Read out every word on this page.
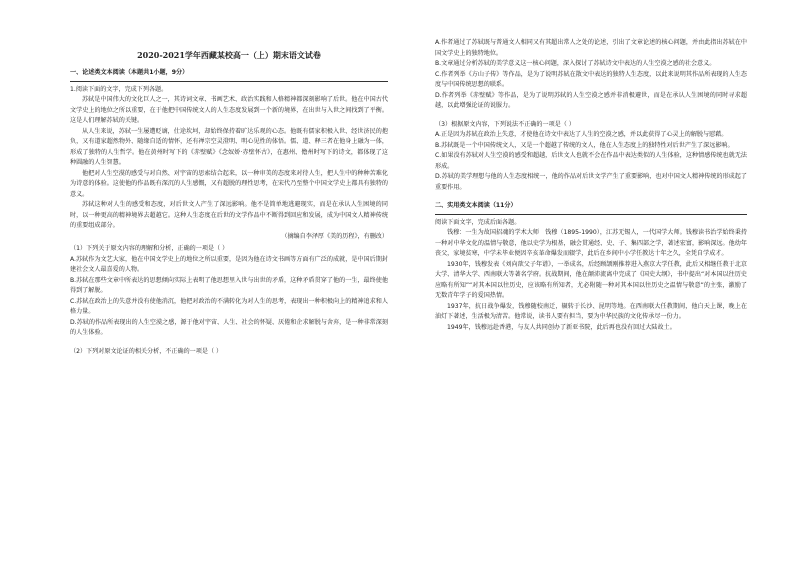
2020-2021学年西藏某校高一（上）期末语文试卷
一、论述类文本阅读（本题共1小题，9分）

1.阅读下面的文字，完成下列各题。

苏轼是中国伟大的文化巨人之一，其诗词文章、书画艺术、政治实践和人格精神都深刻影响了后世。他在中国古代文学史上的地位之所以重要，在于他把中国传统文人的人生态度发展到一个新的境界，在出世与入世之间找到了平衡。这是人们理解苏轼的关键。

从人生来说，苏轼一生屡遭贬谪，仕途坎坷，却始终保持着旷达乐观的心态。他既有儒家积极入世、经世济民的抱负，又有道家超然物外、随缘自适的情怀，还有禅宗空灵澄明、明心见性的体悟。儒、道、释三者在他身上融为一体，形成了独特的人生哲学。他在黄州时写下的《赤壁赋》《念奴娇·赤壁怀古》，在惠州、儋州时写下的诗文，都体现了这种圆融的人生智慧。

他把对人生空漠的感受与对自然、对宇宙的思索结合起来，以一种审美的态度来对待人生，把人生中的种种苦难化为诗意的体验。这使他的作品既有深沉的人生感慨，又有超脱的理性思考，在宋代乃至整个中国文学史上都具有独特的意义。

苏轼这种对人生的感受和态度，对后世文人产生了深远影响。他不是简单地逃避现实，而是在承认人生困境的同时，以一种更高的精神境界去超越它。这种人生态度在后世的文学作品中不断得到回应和发展，成为中国文人精神传统的重要组成部分。

（摘编自李泽厚《美的历程》，有删改）

（1）下列关于原文内容的理解和分析，正确的一项是（ ）

A.苏轼作为文艺大家，他在中国文学史上的地位之所以重要，是因为他在诗文书画等方面有广泛的成就，是中国后期封建社会文人最喜爱的人物。

B.苏轼在那些文章中所表达的思想倾向实际上表明了他思想里入世与出世的矛盾，这种矛盾贯穿了他的一生，最终使他得到了解脱。

C.苏轼在政治上的失意并没有使他消沉，他把对政治的不满转化为对人生的思考，表现出一种积极向上的精神追求和人格力量。

D.苏轼的作品所表现出的人生空漠之感，源于他对宇宙、人生、社会的怀疑、厌倦和企求解脱与舍弃，是一种非常深刻的人生体验。

（2）下列对原文论证的相关分析，不正确的一项是（ ）

A.作者通过了苏轼既与普通文人相同又有其超出常人之处的论述，引出了文章论述的核心问题，并由此指出苏轼在中国文学史上的独特地位。

B.文章通过分析苏轼的美学意义这一核心问题，深入探讨了苏轼诗文中表达的人生空漠之感的社会意义。

C.作者列举《方山子传》等作品，是为了说明苏轼在散文中表达的独特人生态度，以此来说明其作品所表现的人生态度与中国传统思想的联系。

D.作者列举《赤壁赋》等作品，是为了说明苏轼的人生空漠之感并非消极避世，而是在承认人生困境的同时寻求超越，以此增强论证的说服力。

（3）根据原文内容，下列说法不正确的一项是（ ）

A.正是因为苏轼在政治上失意，才使他在诗文中表达了人生的空漠之感，并以此获得了心灵上的解脱与慰藉。

B.苏轼既是一个中国传统文人，又是一个超越了传统的文人，他在人生态度上的独特性对后世产生了深远影响。

C.如果没有苏轼对人生空漠的感受和超越，后世文人也就不会在作品中表达类似的人生体验，这种情感传统也就无法形成。

D.苏轼的美学理想与他的人生态度相统一，他的作品对后世文学产生了重要影响，也对中国文人精神传统的形成起了重要作用。

二、实用类文本阅读（11分）

阅读下面文字，完成后面各题。

钱穆：一生为故国招魂的学术大师　钱穆（1895-1990），江苏无锡人，一代国学大师。钱穆读书治学始终秉持一种对中华文化的温情与敬意，他以史学为根基，融会贯通经、史、子、集四部之学，著述宏富，影响深远。他幼年丧父，家境贫寒，中学未毕业便因辛亥革命爆发而辍学，此后在乡间中小学任教达十年之久，全凭自学成才。

1930年，钱穆发表《刘向歆父子年谱》，一举成名，后经顾颉刚推荐进入燕京大学任教，此后又相继任教于北京大学、清华大学、西南联大等著名学府。抗战期间，他在颠沛流离中完成了《国史大纲》，书中提出“对本国以往历史应略有所知”“对其本国以往历史，应该略有所知者，尤必附随一种对其本国以往历史之温情与敬意”的主张，激励了无数青年学子的爱国热情。

1937年，抗日战争爆发，钱穆随校南迁，辗转于长沙、昆明等地。在西南联大任教期间，他白天上课，晚上在油灯下著述，生活极为清苦。他常说，读书人要有担当，要为中华民族的文化传承尽一份力。

1949年，钱穆远赴香港，与友人共同创办了新亚书院，此后再也没有回过大陆故土。
